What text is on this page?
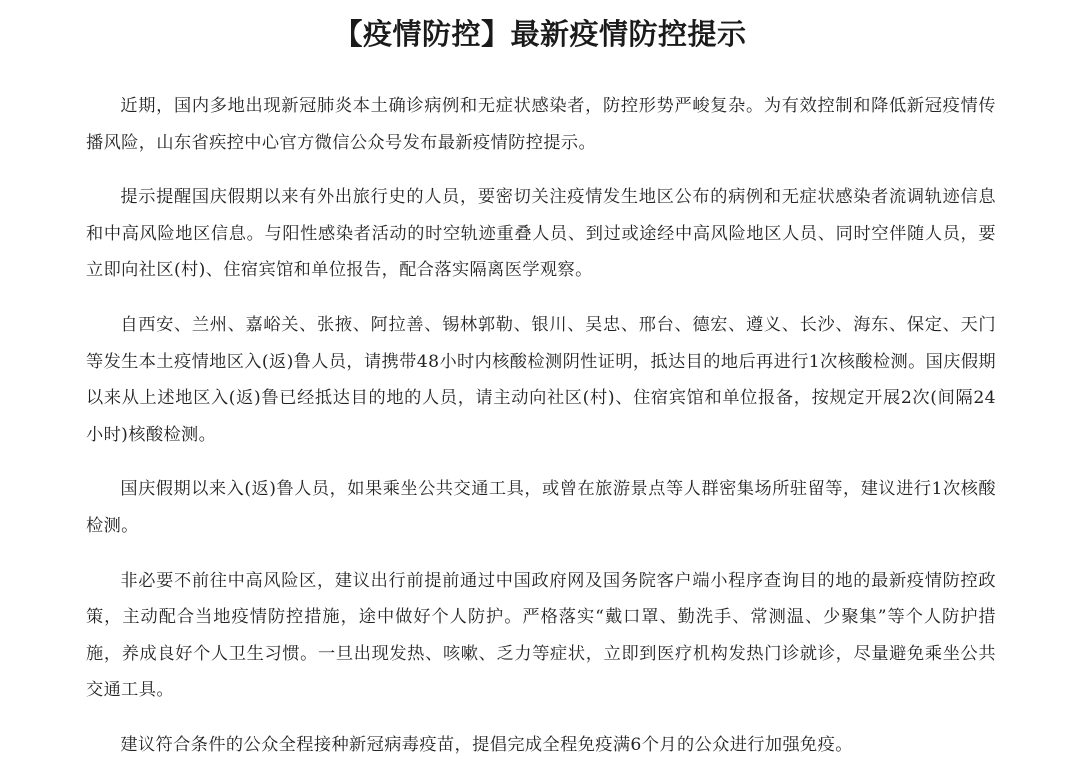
【疫情防控】最新疫情防控提示

近期，国内多地出现新冠肺炎本土确诊病例和无症状感染者，防控形势严峻复杂。为有效控制和降低新冠疫情传播风险，山东省疾控中心官方微信公众号发布最新疫情防控提示。

提示提醒国庆假期以来有外出旅行史的人员，要密切关注疫情发生地区公布的病例和无症状感染者流调轨迹信息和中高风险地区信息。与阳性感染者活动的时空轨迹重叠人员、到过或途经中高风险地区人员、同时空伴随人员，要立即向社区(村)、住宿宾馆和单位报告，配合落实隔离医学观察。

自西安、兰州、嘉峪关、张掖、阿拉善、锡林郭勒、银川、吴忠、邢台、德宏、遵义、长沙、海东、保定、天门等发生本土疫情地区入(返)鲁人员，请携带48小时内核酸检测阴性证明，抵达目的地后再进行1次核酸检测。国庆假期以来从上述地区入(返)鲁已经抵达目的地的人员，请主动向社区(村)、住宿宾馆和单位报备，按规定开展2次(间隔24小时)核酸检测。

国庆假期以来入(返)鲁人员，如果乘坐公共交通工具，或曾在旅游景点等人群密集场所驻留等，建议进行1次核酸检测。

非必要不前往中高风险区，建议出行前提前通过中国政府网及国务院客户端小程序查询目的地的最新疫情防控政策，主动配合当地疫情防控措施，途中做好个人防护。严格落实“戴口罩、勤洗手、常测温、少聚集”等个人防护措施，养成良好个人卫生习惯。一旦出现发热、咳嗽、乏力等症状，立即到医疗机构发热门诊就诊，尽量避免乘坐公共交通工具。

建议符合条件的公众全程接种新冠病毒疫苗，提倡完成全程免疫满6个月的公众进行加强免疫。
